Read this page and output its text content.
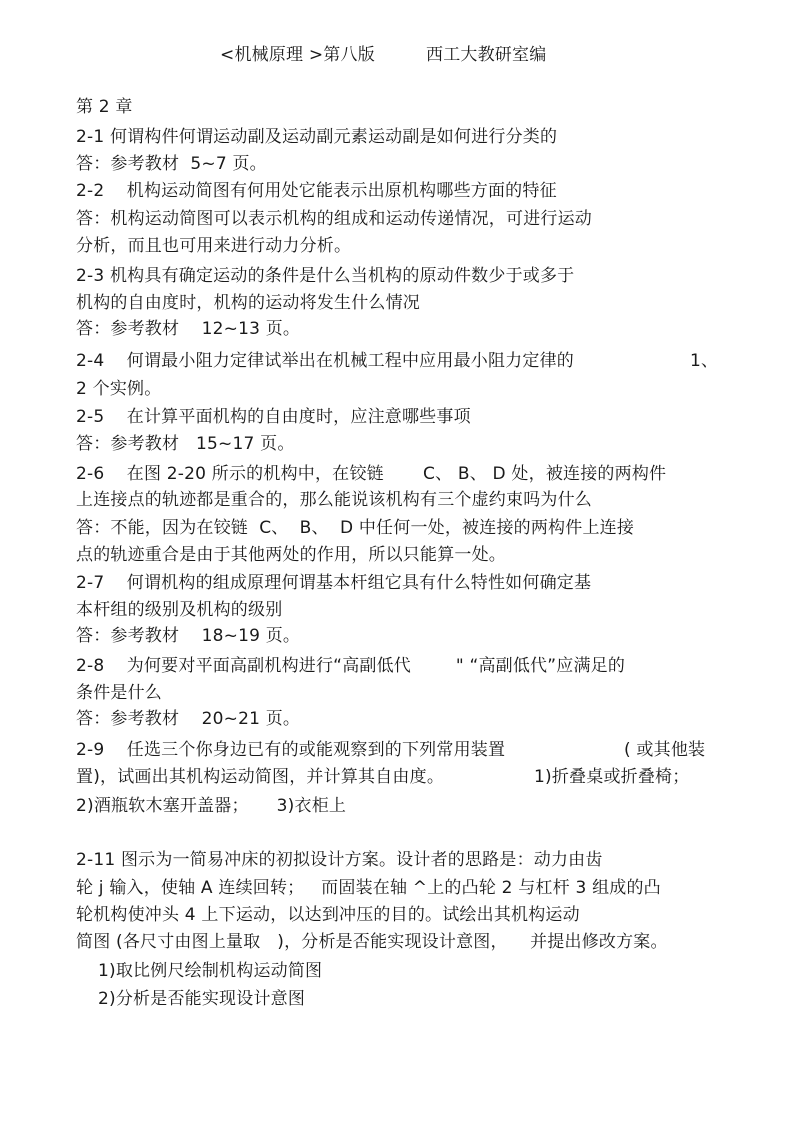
<机械原理 >第八版	西工大教研室编
第 2 章
2-1 何谓构件何谓运动副及运动副元素运动副是如何进行分类的
答：参考教材  5~7 页。
2-2    机构运动简图有何用处它能表示出原机构哪些方面的特征
答：机构运动简图可以表示机构的组成和运动传递情况，可进行运动
分析，而且也可用来进行动力分析。
2-3 机构具有确定运动的条件是什么当机构的原动件数少于或多于
机构的自由度时，机构的运动将发生什么情况
答：参考教材    12~13 页。
2-4    何谓最小阻力定律试举出在机械工程中应用最小阻力定律的	1、
2 个实例。
2-5    在计算平面机构的自由度时，应注意哪些事项
答：参考教材   15~17 页。
2-6    在图 2-20 所示的机构中，在铰链       C、 B、 D 处，被连接的两构件
上连接点的轨迹都是重合的，那么能说该机构有三个虚约束吗为什么
答：不能，因为在铰链  C、  B、  D 中任何一处，被连接的两构件上连接
点的轨迹重合是由于其他两处的作用，所以只能算一处。
2-7    何谓机构的组成原理何谓基本杆组它具有什么特性如何确定基
本杆组的级别及机构的级别
答：参考教材    18~19 页。
2-8    为何要对平面高副机构进行“高副低代        " “高副低代”应满足的
条件是什么
答：参考教材    20~21 页。
2-9    任选三个你身边已有的或能观察到的下列常用装置	( 或其他装
置)，试画出其机构运动简图，并计算其自由度。	1)折叠桌或折叠椅；
2)酒瓶软木塞开盖器；     3)衣柜上
2-11 图示为一简易冲床的初拟设计方案。设计者的思路是：动力由齿
轮 j 输入，使轴 A 连续回转；   而固装在轴 ^上的凸轮 2 与杠杆 3 组成的凸
轮机构使冲头 4 上下运动，以达到冲压的目的。试绘出其机构运动
简图 (各尺寸由图上量取   )，分析是否能实现设计意图，    并提出修改方案。
1)取比例尺绘制机构运动简图
2)分析是否能实现设计意图
